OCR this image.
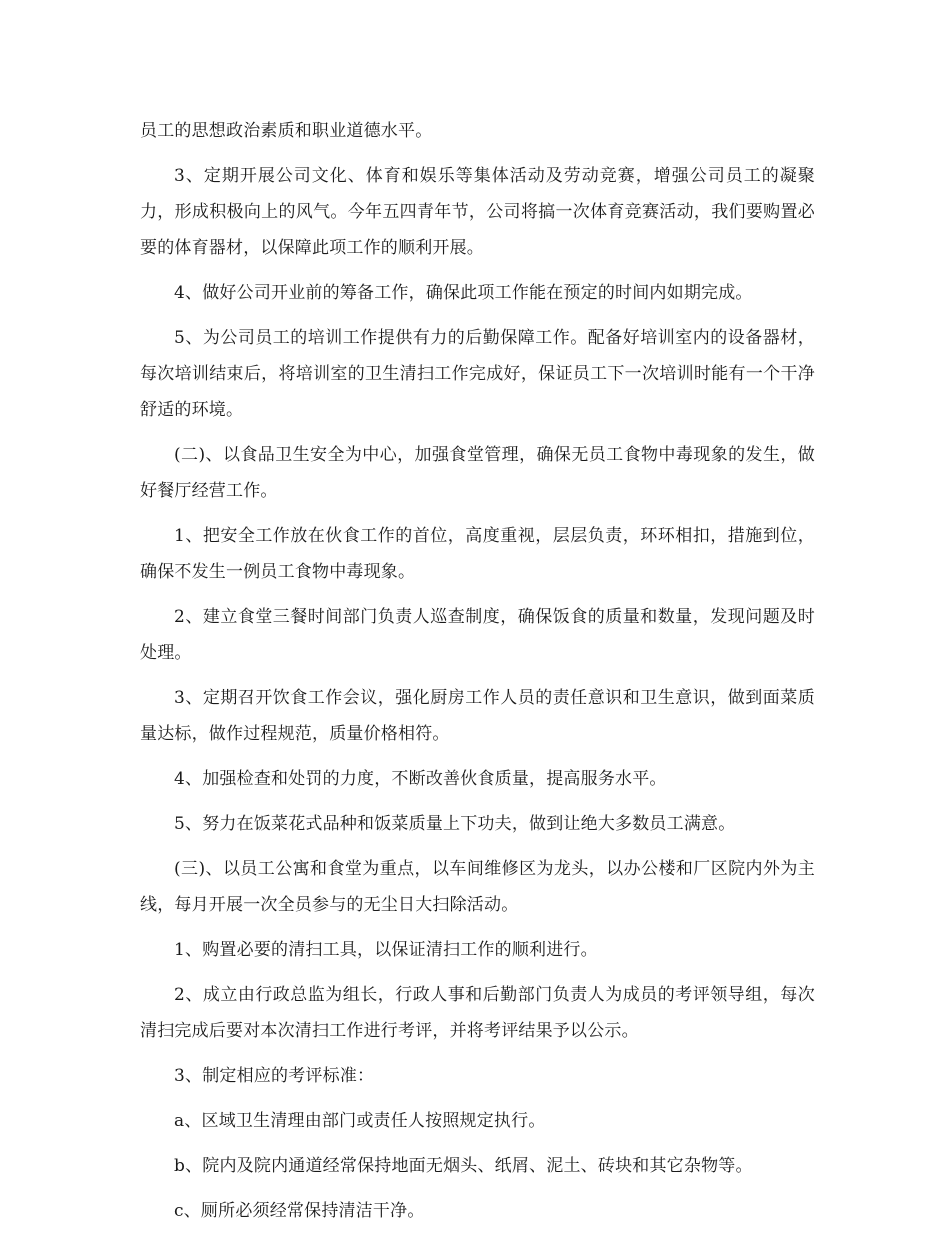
员工的思想政治素质和职业道德水平。

3、定期开展公司文化、体育和娱乐等集体活动及劳动竞赛，增强公司员工的凝聚力，形成积极向上的风气。今年五四青年节，公司将搞一次体育竞赛活动，我们要购置必要的体育器材，以保障此项工作的顺利开展。

4、做好公司开业前的筹备工作，确保此项工作能在预定的时间内如期完成。

5、为公司员工的培训工作提供有力的后勤保障工作。配备好培训室内的设备器材，每次培训结束后，将培训室的卫生清扫工作完成好，保证员工下一次培训时能有一个干净舒适的环境。

(二)、以食品卫生安全为中心，加强食堂管理，确保无员工食物中毒现象的发生，做好餐厅经营工作。

1、把安全工作放在伙食工作的首位，高度重视，层层负责，环环相扣，措施到位，确保不发生一例员工食物中毒现象。

2、建立食堂三餐时间部门负责人巡查制度，确保饭食的质量和数量，发现问题及时处理。

3、定期召开饮食工作会议，强化厨房工作人员的责任意识和卫生意识，做到面菜质量达标，做作过程规范，质量价格相符。

4、加强检查和处罚的力度，不断改善伙食质量，提高服务水平。

5、努力在饭菜花式品种和饭菜质量上下功夫，做到让绝大多数员工满意。

(三)、以员工公寓和食堂为重点，以车间维修区为龙头，以办公楼和厂区院内外为主线，每月开展一次全员参与的无尘日大扫除活动。

1、购置必要的清扫工具，以保证清扫工作的顺利进行。

2、成立由行政总监为组长，行政人事和后勤部门负责人为成员的考评领导组，每次清扫完成后要对本次清扫工作进行考评，并将考评结果予以公示。

3、制定相应的考评标准：

a、区域卫生清理由部门或责任人按照规定执行。

b、院内及院内通道经常保持地面无烟头、纸屑、泥土、砖块和其它杂物等。

c、厕所必须经常保持清洁干净。
